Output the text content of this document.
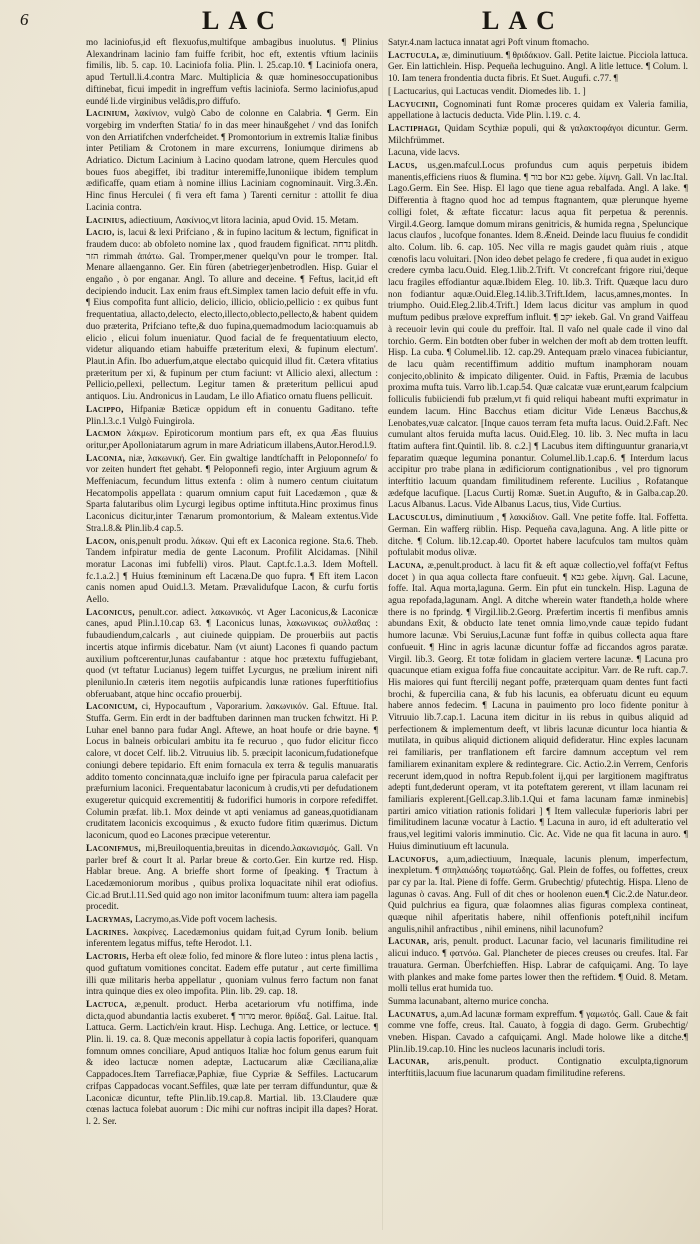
6	LAC	LAC

mo laciniofus,id eft flexuofus,multifque ambagibus inuolutus. ¶ Plinius Alexandrinam lacinio fam fuiffe fcribit, hoc eft, extentis vftium laciniis fimilis, lib. 5. cap. 10. Laciniofa folia. Plin. l. 25.cap.10. ¶ Laciniofa onera, apud Tertull.li.4.contra Marc. Multiplicia & quæ hominesoccupationibus diftinebat, ficui impedit in ingreffum veftis laciniofa. Sermo laciniofus,apud eundé li.de virginibus velâdis,pro diffufo.

Lacinium, λακίνιον, vulgò Cabo de colonne en Calabria. ¶ Germ. Ein vorgebirg im vnderften Statia/ fo in das meer hinaußgehet / vnd das Ionifch von den Arriatifchen vnderfcheidet. ¶ Promontorium in extremis Italiæ finibus inter Petiliam & Crotonem in mare excurrens, Ioniumque dirimens ab Adriatico. Dictum Lacinium à Lacino quodam latrone, quem Hercules quod boues fuos abegiffet, ibi traditur interemiffe,Iunoniique ibidem templum ædificaffe, quam etiam à nomine illius Laciniam cognominauit. Virg.3.Æn. Hinc finus Herculei ( fi vera eft fama ) Tarenti cernitur : attollit fe diua Lacinia contra.

Lacinius, adiectiuum, Λακίνιος,vt litora lacinia, apud Ovid. 15. Metam.

Lacio, is, lacui & lexi Prifciano , & in fupino lacitum & lectum, fignificat in fraudem duco: ab obfoleto nomine lax , quod fraudem fignificat. נדחה plitdh. הזר rimmah ἀπάτω. Gal. Tromper,mener quelqu'vn pour le tromper. Ital. Menare allaenganno. Ger. Ein füren (abetrieger)enbetrodlen. Hisp. Guiar el engaño , ò por enganar. Angl. To allure and deceine. ¶ Feftus, lacit,id eft decipiendo inducit. Lax enim fraus eft.Simplex tamen lacio defuit effe in vfu. ¶ Eius compofita funt allicio, delicio, illicio, oblicio,pellicio : ex quibus funt frequentatiua, allacto,delecto, electo,illecto,oblecto,pellecto,& habent quidem duo præterita, Prifciano tefte,& duo fupina,quemadmodum lacio:quamuis ab elicio , elicui folum inueniatur. Quod facial de fe frequentatiuum electo, videtur aliquando etiam habuiffe præteritum elexi, & fupinum electum'. Plaut.in Afin. Ibo aduerfum,atque electabo quicquid illud fit. Cætera vfitatius præteritum per xi, & fupinum per ctum faciunt: vt Allicio alexi, allectum : Pellicio,pellexi, pellectum. Legitur tamen & præteritum pellicui apud antiquos. Liu. Andronicus in Laudam, Le illo Afiatico ornatu fluens pellicuit.

Lacippo, Hifpaniæ Bæticæ oppidum eft in conuentu Gaditano. tefte Plin.l.3.c.1 Vulgò Fuingirola.

Lacmon λάκμων. Epiroticorum montium pars eft, ex qua Æas fluuius oritur,per Apolloniatarum agrum in mare Adriaticum illabens,Autor.Herod.l.9.

Laconia, niæ, λακωνική. Ger. Ein gwaltige landtſchafft in Peloponneſo/ fo vor zeiten hundert ftet gehabt. ¶ Peloponnefi regio, inter Argiuum agrum & Meffeniacum, fecundum littus extenfa : olim à numero centum ciuitatum Hecatompolis appellata : quarum omnium caput fuit Lacedæmon , quæ & Sparta falutaribus olim Lycurgi legibus optime inftituta.Hinc proximus finus Laconicus dicitur,inter Tænarum promontorium, & Maleam extentus.Vide Stra.l.8.& Plin.lib.4 cap.5.

Lacon, onis,penult produ. λάκων. Qui eft ex Laconica regione. Sta.6. Theb. Tandem infpiratur media de gente Laconum. Profilit Alcidamas. [Nihil moratur Laconas imi fubfelli) viros. Plaut. Capt.fc.1.a.3. Idem Moftell. fc.1.a.2.] ¶ Huius fœmininum eft Lacæna.De quo fupra. ¶ Eft item Lacon canis nomen apud Ouid.l.3. Metam. Prævalidufque Lacon, & curfu fortis Aello.

Laconicus, penult.cor. adiect. λακωνικός. vt Ager Laconicus,& Laconicæ canes, apud Plin.l.10.cap 63. ¶ Laconicus lunas, λακωνικωϛ συλλαϐας : fubaudiendum,calcarls , aut ciuinede quippiam. De prouerbiis aut pactis incertis atque infirmis dicebatur. Nam (vt aiunt) Lacones fi quando pactum auxilium poftcerentur,lunas caufabantur : atque hoc prætextu fuffugiebant, quod (vt teftatur Lucianus) legem tuiffet Lycurgus, ne prælium inirent nifi plenilunio.In cæteris item negotiis aufpicandis lunæ rationes fuperftitiofius obferuabant, atque hinc occafio prouerbij.

Laconicum, ci, Hypocauftum , Vaporarium. λακωνικόν. Gal. Eftuue. Ital. Stuffa. Germ. Ein erdt in der badftuben darinnen man trucken fchwitzt. Hi P. Luhar enel banno para fudar Angl. Aftewe, an hoat houfe or drie bayne. ¶ Locus in balneis orbiculari ambitu ita fe recuruo , quo fudor elicitur ficco calore, vt docet Celf. lib.2. Vitruuius lib. 5. præcipit laconicum,fudationefque coniungi debere tepidario. Eft enim fornacula ex terra & tegulis manuaratis addito tomento concinnata,quæ incluifo igne per fpiracula parua calefacit per præfurnium laconici. Frequentabatur laconicum à crudis,vti per defudationem exugeretur quicquid excrementitij & fudorifici humoris in corpore refediffet. Columin præfat. lib.1. Mox deinde vt apti veniamus ad ganeas,quotidianam cruditatem laconicis excoquimus , & exucto fudore fitim quærimus. Dictum laconicum, quod eo Lacones præcipue veterentur.

Laconifmus, mi,Breuiloquentia,breuitas in dicendo.λακωνισμός. Gall. Vn parler bref & court It al. Parlar breue & corto.Ger. Ein kurtze red. Hisp. Hablar breue. Ang. A brieffe short forme of ſpeaking. ¶ Tractum à Lacedæmoniorum moribus , quibus prolixa loquacitate nihil erat odiofius. Cic.ad Brut.l.11.Sed quid ago non imitor laconifmum tuum: altera iam pagella procedit.

Lacrymas, Lacrymo,as.Vide poft vocem lachesis.

Lacrines. λακρίνες. Lacedæmonius quidam fuit,ad Cyrum Ionib. belium inferentem legatus miffus, tefte Herodot. l.1.

Lactoris, Herba eft oleæ folio, fed minore & flore luteo : intus plena lactis , quod guftatum vomitiones concitat. Eadem effe putatur , aut certe fimillima illi quæ militaris herba appellatur , quoniam vulnus ferro factum non fanat intra quinque dies ex oleo impofita. Plin. lib. 29. cap. 18.

Lactuca, æ,penult. product. Herba acetariorum vfu notiffima, inde dicta,quod abundantia lactis exuberet. ¶ מרור meror. θρίδαξ. Gal. Laitue. Ital. Lattuca. Germ. Lactich/ein kraut. Hisp. Lechuga. Ang. Lettice, or lectuce. ¶ Plin. li. 19. ca. 8. Quæ meconis appellatur à copia lactis foporiferi, quanquam fomnum omnes conciliare, Apud antiquos Italiæ hoc folum genus earum fuit & ideo lactucæ nomen adeptæ, Lactucarum aliæ Cæciliana,aliæ Cappadoces.Item Tarrefiacæ,Paphiæ, fiue Cypriæ & Seffiles. Lactucarum crifpas Cappadocas vocant.Seffiles, quæ late per terram diffunduntur, quæ & Laconicæ dicuntur, tefte Plin.lib.19.cap.8. Martial. lib. 13.Claudere quæ cœnas lactuca folebat auorum : Dic mihi cur noftras incipit illa dapes? Horat. l. 2. Ser.

Satyr.4.nam lactuca innatat agri Poft vinum ftomacho.

Lactucula, æ, diminutiuum. ¶ θριδάκιον. Gall. Petite laictue. Picciola lattuca. Ger. Ein lattichlein. Hisp. Pequeña lechuguino. Angl. A litle lettuce. ¶ Colum. l. 10. Iam tenera frondentia ducta fibris. Et Suet. Augufi. c.77. ¶

[ Lactucarius, qui Lactucas vendit. Diomedes lib. 1. ]

Lacyucinii, Cognominati funt Romæ proceres quidam ex Valeria familia, appellatione à lactucis deducta. Vide Plin. l.19. c. 4.

Lactiphagi, Quidam Scythiæ populi, qui & γαλακτοφάγοι dicuntur. Germ. Milchfrümmet.

Lacuna, vide lacvs.

Lacus, us,gen.mafcul.Locus profundus cum aquis perpetuis ibidem manentis,efficiens riuos & flumina. ¶ בור bor גבא gebe. λίμνη. Gall. Vn lac.Ital. Lago.Germ. Ein See. Hisp. El lago que tiene agua rebalfada. Angl. A lake. ¶ Differentia à ftagno quod hoc ad tempus ftagnantem, quæ plerunque hyeme colligi folet, & æftate ficcatur: lacus aqua fit perpetua & perennis. Virgil.4.Georg. Iamque domum mirans genitricis, & humida regna , Speluncique lacus claufos , lucofque fonantes. Idem 8.Æneid. Deinde lacu fluuius fe condidit alto. Colum. lib. 6. cap. 105. Nec villa re magis gaudet quàm riuis , atque cœnofis lacu voluitari. [Non ideo debet pelago fe credere , fi qua audet in exiguo credere cymba lacu.Ouid. Eleg.1.lib.2.Trift. Vt concrefcant frigore riui,'deque lacu fragiles effodiantur aquæ.Ibidem Eleg. 10. lib.3. Trift. Quæque lacu duro non fodiantur aquæ.Ouid.Eleg.14.lib.3.Trift.Idem, lacus,amnes,montes. In triumpho. Ouid.Eleg.2.lib.4.Trift.] Idem lacus dicitur vas amplum in quod muftum pedibus prælove expreffum influit. ¶ יקב iekeb. Gal. Vn grand Vaiffeau à receuoir levin qui coule du preffoir. Ital. Il vaſo nel quale cade il vino dal torchio. Germ. Ein botdten ober fuber in welchen der moft ab dem trotten leufft. Hisp. La cuba. ¶ Columel.lib. 12. cap.29. Antequam prælo vinacea fubiciantur, de lacu quàm recentiffimum additio muftum inamphoram nouam conjecito,oblinito & impicato diligenter. Ouid. in Faftis, Præmia de lacubus proxima mufta tuis. Varro lib.1.cap.54. Quæ calcatæ vuæ erunt,earum fcalpcium folliculis fubiiciendi fub prælum,vt fi quid reliqui habeant mufti exprimatur in eundem lacum. Hinc Bacchus etiam dicitur Vide Lenæus Bacchus,& Lenobates,vuæ calcator. [Inque cauos terram feta mufta lacus. Ouid.2.Faft. Nec cumulant altos feruida mufta lacus. Ouid.Eleg. 10. lib. 3. Nec mufta in lacu ftatim auftera fint.Quintil. lib. 8. c.2.] ¶ Lacubus item diftinguuntur granaria,vt feparatim quæque legumina ponantur. Columel.lib.1.cap.6. ¶ Interdum lacus accipitur pro trabe plana in ædificiorum contignationibus , vel pro tignorum interftitio lacuum quandam fimilitudinem referente. Lucilius , Rofatanque ædefque lacufique. [Lacus Curtij Romæ. Suet.in Augufto, & in Galba.cap.20. Lacus Albanus. Lacus. Vide Albanus Lacus, tius, Vide Curtius.

Lacusculus, diminutiuum , ¶ λακκίδιον. Gall. Vne petite foffe. Ital. Foffetta. German. Ein wafferg rüblin. Hisp. Pequeña cava,laguna. Ang. A litle pitte or ditche. ¶ Colum. lib.12.cap.40. Oportet habere lacufculos tam multos quàm poftulabit modus olivæ.

Lacuna, æ,penult.product. à lacu fit & eft aquæ collectio,vel foffa(vt Feftus docet ) in qua aqua collecta ftare confueuit. ¶ גבא gebe. λίμνη. Gal. Lacune, foffe. Ital. Aqua morta,laguna. Germ. Ein pfut ein tunckeln. Hisp. Laguna de agua repofada,lagunam. Angl. A ditche wherein water ftandeth,a holde where there is no fprindg. ¶ Virgil.lib.2.Georg. Præfertim incertis fi menfibus amnis abundans Exit, & obducto late tenet omnia limo,vnde cauæ tepido fudant humore lacunæ. Vbi Seruius,Lacunæ funt foffæ in quibus collecta aqua ftare confueuit. ¶ Hinc in agris lacunæ dicuntur foffæ ad ficcandos agros paratæ. Virgil. lib.3. Georg. Et totæ folidam in glaciem vertere lacunæ. ¶ Lacuna pro quacunque etiam exigua foffa fiue concauitate accipitur. Varr. de Re ruft. cap.7. His maiores qui funt ftercilij negant poffe, præterquam quam dentes funt facti brochi, & fupercilia cana, & fub his lacunis, ea obferuatu dicunt eu equum habere annos fedecim. ¶ Lacuna in pauimento pro loco fidente ponitur à Vitruuio lib.7.cap.1. Lacuna item dicitur in iis rebus in quibus aliquid ad perfectionem & implementum deeft, vt libris lacunæ dicuntur loca hiantia & mutilata, in quibus aliquid dictionem aliquid defideratur. Hinc exples lacunam rei familiaris, per tranflationem eft farcire damnum acceptum vel rem familiarem exinanitam explere & redintegrare. Cic. Actio.2.in Verrem, Cenforis recerunt idem,quod in noftra Repub.folent ij,qui per largitionem magiftratus adepti funt,dederunt operam, vt ita poteftatem gererent, vt illam lacunam rei familiaris explerent.[Gell.cap.3.lib.1.Qui et fama lacunam famæ inminebis] partiri amico vitiation rationis folidari ] ¶ Item valleculæ fuperioris labri per fimilitudinem lacunæ vocatur à Lactio. ¶ Lacuna in auro, id eft adulteratio vel fraus,vel legitimi valoris imminutio. Cic. Ac. Vide ne qua fit lacuna in auro. ¶ Huius diminutiuum eft lacunula.

Lacunofus, a,um,adiectiuum, Inæquale, lacunis plenum, imperfectum, inexpletum. ¶ σπηλαιώδης τωμωτώδης. Gal. Plein de foffes, ou foffettes, creux par cy par la. Ital. Piene di foffe. Germ. Grubechtig/ pfutechtig. Hispa. Lleno de lagunas ò cavas. Ang. Full of dit ches or hoolenon euen.¶ Cic.2.de Natur.deor. Quid pulchrius ea figura, quæ folaomnes alias figuras complexa contineat, quæque nihil afperitatis habere, nihil offenfionis poteft,nihil incifum angulis,nihil anfractibus , nihil eminens, nihil lacunofum?

Lacunar, aris, penult. product. Lacunar facio, vel lacunaris fimilitudine rei alicui induco. ¶ φατνόω. Gal. Plancheter de pieces creuses ou creufes. Ital. Far trauatura. German. Überfchieffen. Hisp. Labrar de cafquiçami. Ang. To laye with plankes and make fome partes lower then the reftidem. ¶ Ouid. 8. Metam. molli tellus erat humida tuo.

Summa lacunabant, alterno murice concha.

Lacunatus, a,um.Ad lacunæ formam expreffum. ¶ γαμωτός. Gall. Caue & fait comme vne foffe, creus. Ital. Cauato, à foggia di dago. Germ. Grubechtig/ vneben. Hispan. Cavado a cafquiçami. Angl. Made holowe like a ditche.¶ Plin.lib.19.cap.10. Hinc les nucleos lacunaris includi toris.

Lacunar, aris,penult. product. Contignatio exculpta,tignorum interftitiis,lacuum fiue lacunarum quadam fimilitudine referens.
